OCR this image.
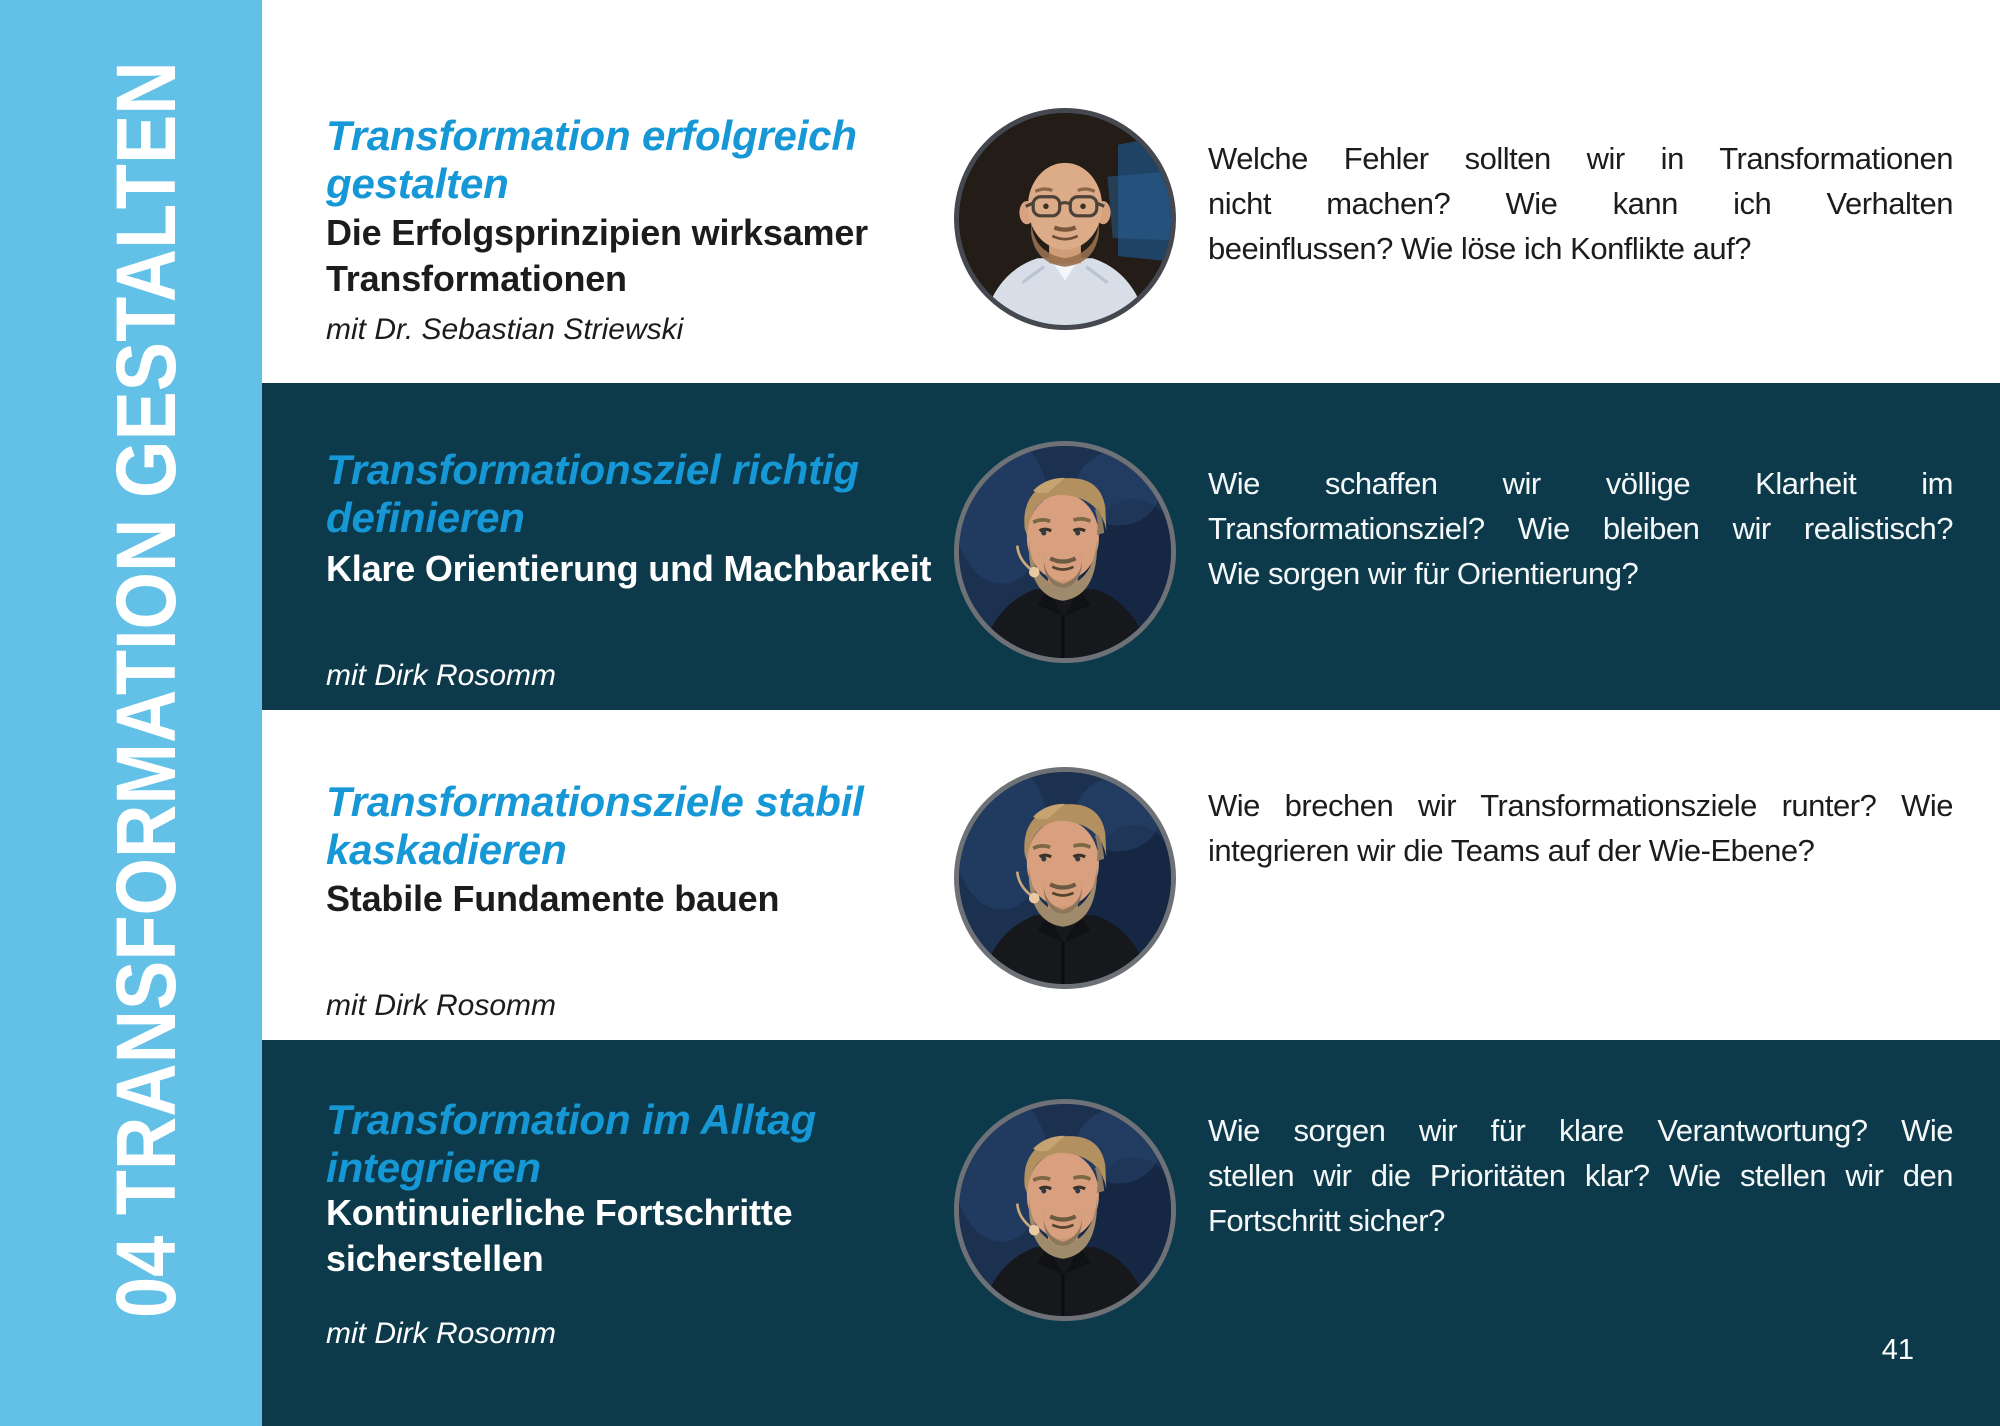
04 TRANSFORMATION GESTALTEN	Transformation erfolgreich gestalten
Die Erfolgsprinzipien wirksamer Transformationen
mit Dr. Sebastian Striewski
Welche Fehler sollten wir in Transformationen
nicht machen? Wie kann ich Verhalten
beeinflussen? Wie löse ich Konflikte auf?
Transformationsziel richtig definieren
Klare Orientierung und Machbarkeit
mit Dirk Rosomm
Wie schaffen wir völlige Klarheit im
Transformationsziel? Wie bleiben wir realistisch?
Wie sorgen wir für Orientierung?
Transformationsziele stabil kaskadieren
Stabile Fundamente bauen
mit Dirk Rosomm
Wie brechen wir Transformationsziele runter? Wie
integrieren wir die Teams auf der Wie-Ebene?
Transformation im Alltag integrieren
Kontinuierliche Fortschritte sicherstellen
mit Dirk Rosomm
Wie sorgen wir für klare Verantwortung? Wie
stellen wir die Prioritäten klar? Wie stellen wir den
Fortschritt sicher?
41
